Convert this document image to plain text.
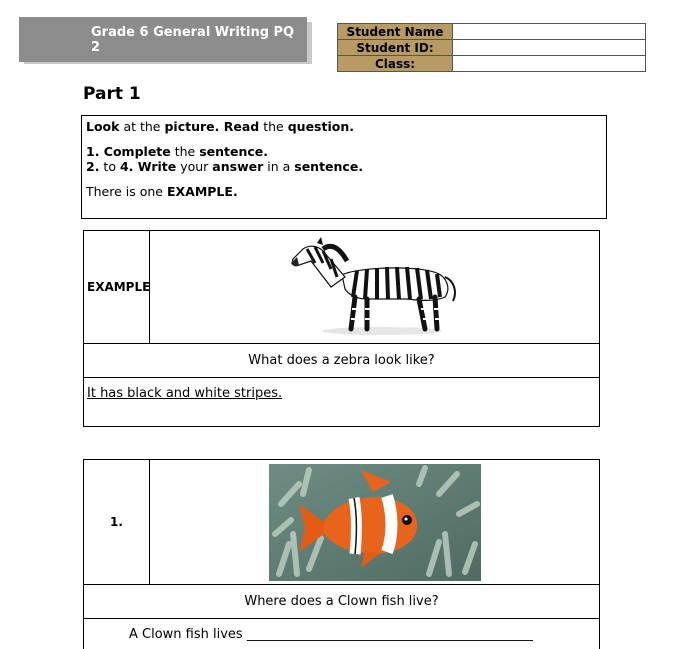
Grade 6 General Writing PQ 2
Student Name	
Student ID:	
Class:	
Part 1

Look at the picture. Read the question.

1. Complete the sentence.

2. to 4. Write your answer in a sentence.

There is one EXAMPLE.

EXAMPLE
What does a zebra look like?
It has black and white stripes.
1.
Where does a Clown fish live?
A Clown fish lives ____________________________________________
